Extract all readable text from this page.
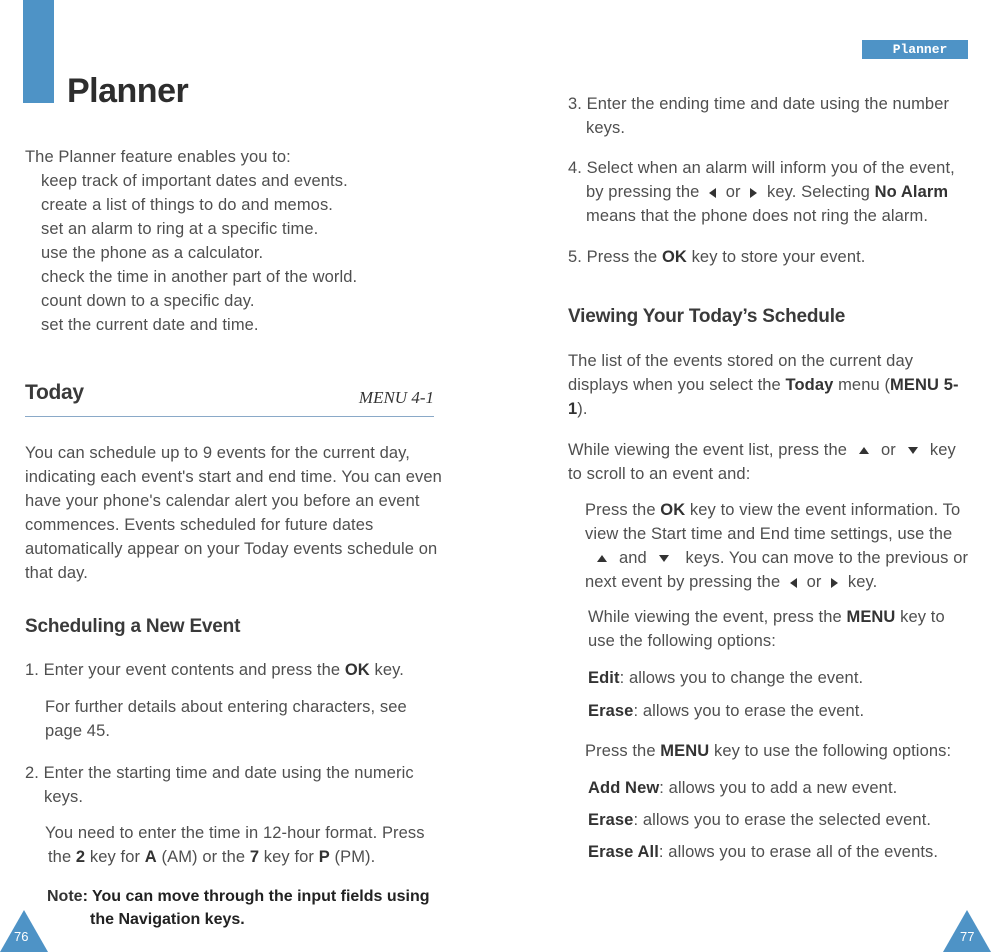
Planner
Planner
The Planner feature enables you to:
keep track of important dates and events.
create a list of things to do and memos.
set an alarm to ring at a specific time.
use the phone as a calculator.
check the time in another part of the world.
count down to a specific day.
set the current date and time.
Today	MENU 4-1
You can schedule up to 9 events for the current day,
indicating each event's start and end time. You can even
have your phone's calendar alert you before an event
commences. Events scheduled for future dates
automatically appear on your Today events schedule on
that day.
Scheduling a New Event
1. Enter your event contents and press the OK key.
For further details about entering characters, see
page 45.
2. Enter the starting time and date using the numeric
keys.
You need to enter the time in 12-hour format. Press
the 2 key for A (AM) or the 7 key for P (PM).
Note: You can move through the input fields using
the Navigation keys.
3. Enter the ending time and date using the number
keys.
4. Select when an alarm will inform you of the event,
by pressing the  or  key. Selecting No Alarm
means that the phone does not ring the alarm.
5. Press the OK key to store your event.
Viewing Your Today’s Schedule
The list of the events stored on the current day
displays when you select the Today menu (MENU 5-
1).
While viewing the event list, press the or key
to scroll to an event and:
Press the OK key to view the event information. To
view the Start time and End time settings, use the
and keys. You can move to the previous or
next event by pressing the  or  key.
While viewing the event, press the MENU key to
use the following options:
Edit: allows you to change the event.
Erase: allows you to erase the event.
Press the MENU key to use the following options:
Add New: allows you to add a new event.
Erase: allows you to erase the selected event.
Erase All: allows you to erase all of the events.
76	77
